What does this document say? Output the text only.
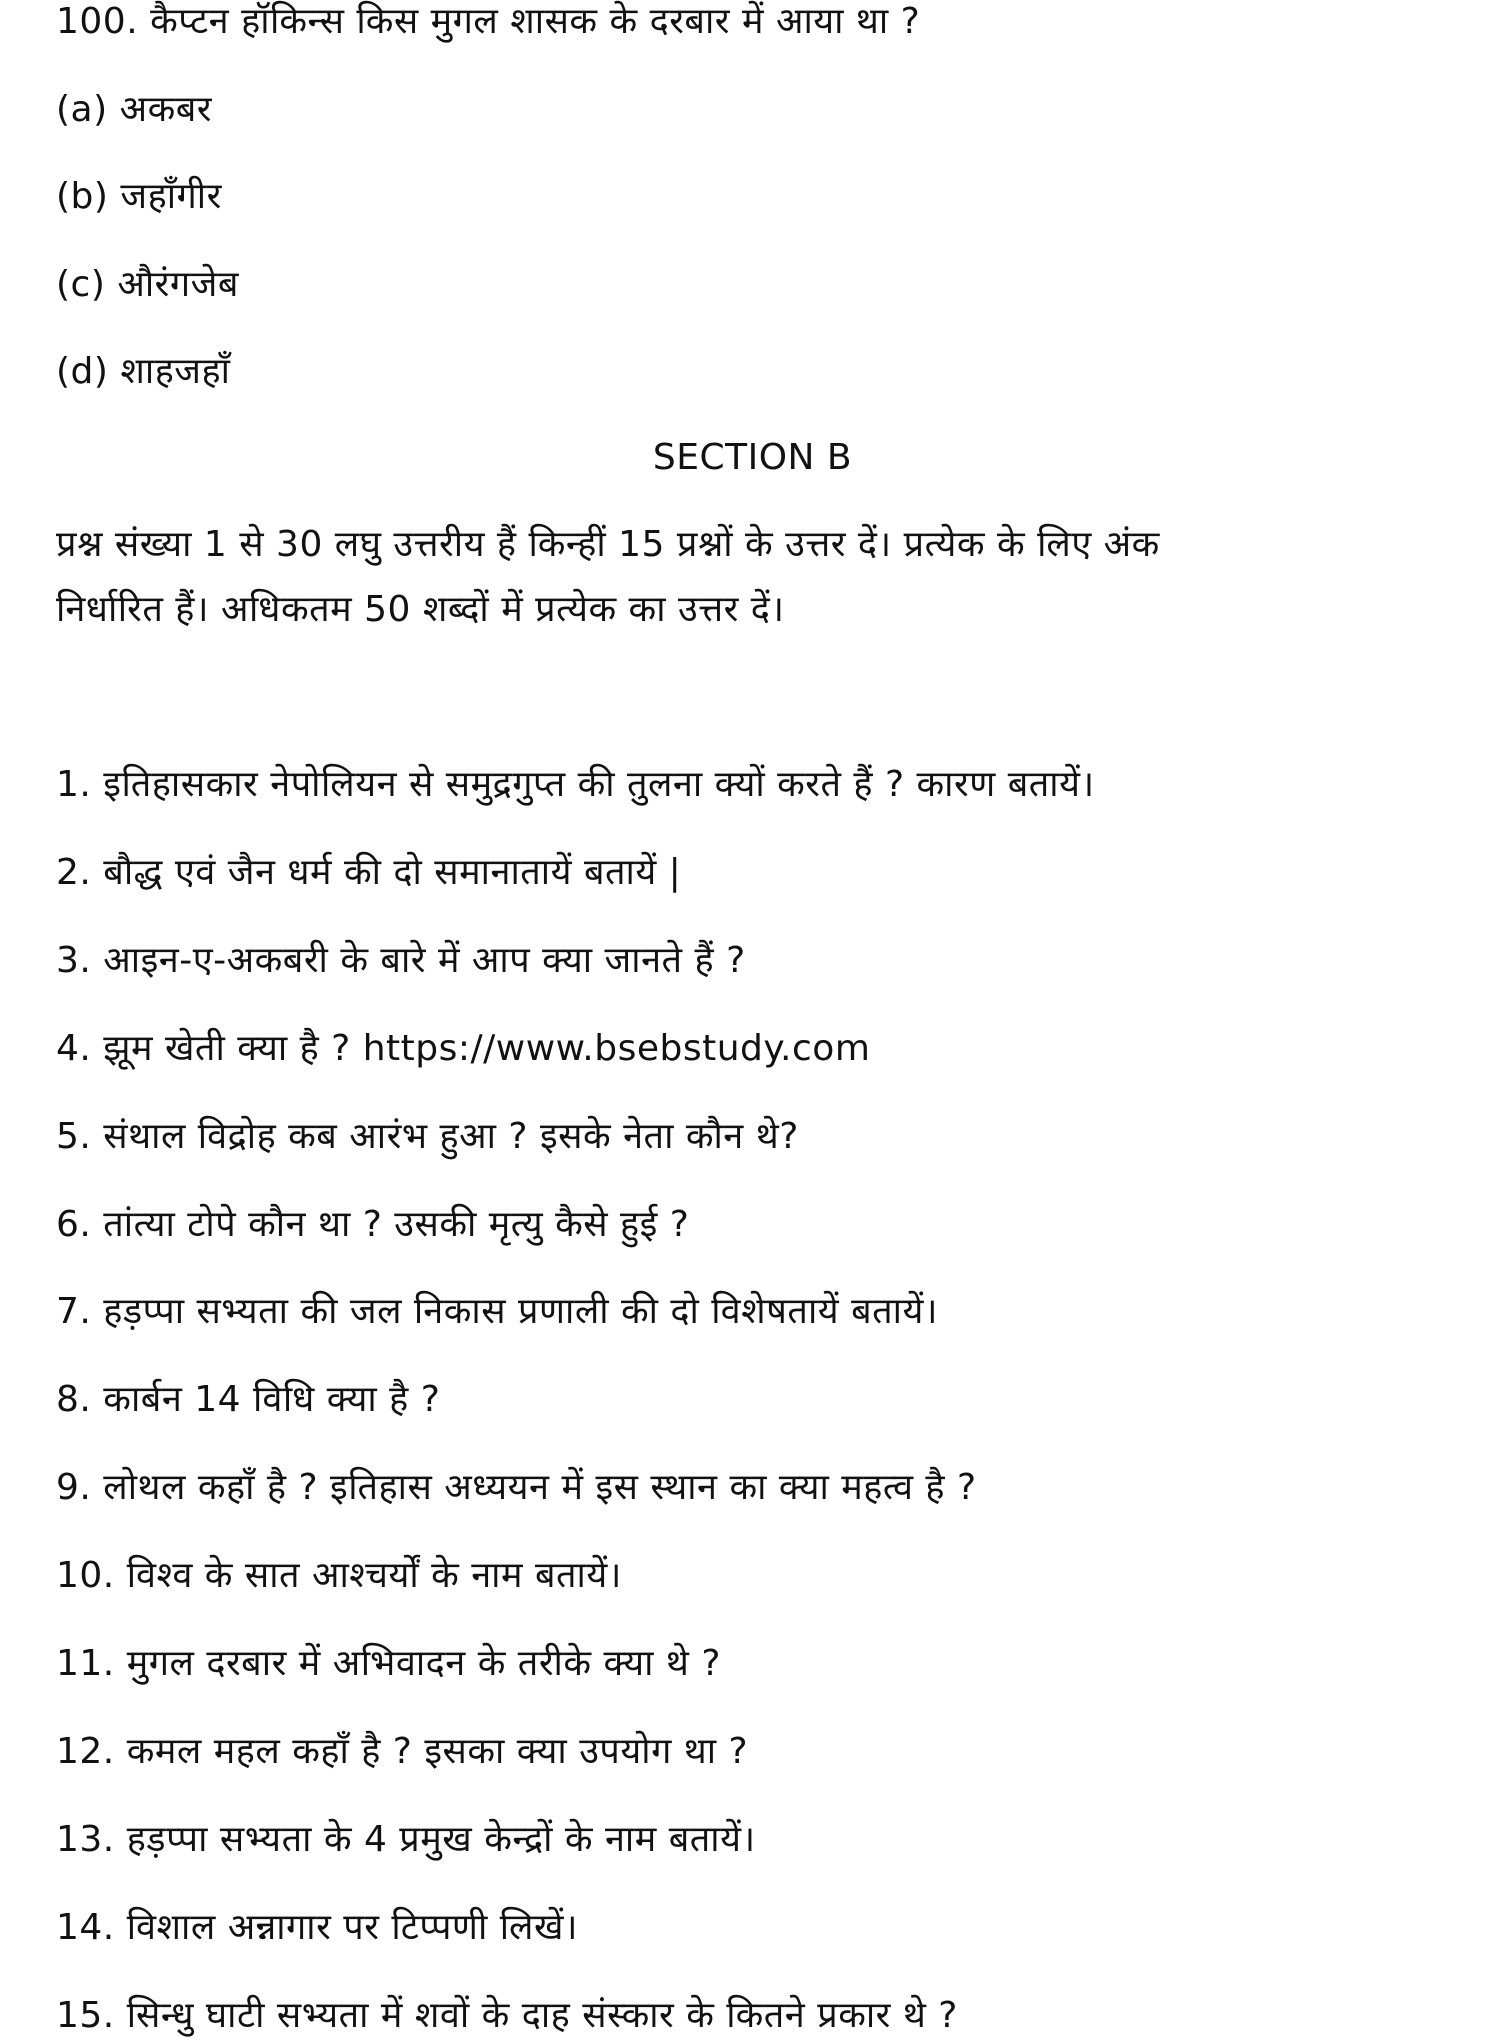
100. कैप्टन हॉकिन्स किस मुगल शासक के दरबार में आया था ?
(a) अकबर
(b) जहाँगीर
(c) औरंगजेब
(d) शाहजहाँ
SECTION B
प्रश्न संख्या 1 से 30 लघु उत्तरीय हैं किन्हीं 15 प्रश्नों के उत्तर दें। प्रत्येक के लिए अंक
निर्धारित हैं। अधिकतम 50 शब्दों में प्रत्येक का उत्तर दें।
1. इतिहासकार नेपोलियन से समुद्रगुप्त की तुलना क्यों करते हैं ? कारण बतायें।
2. बौद्ध एवं जैन धर्म की दो समानातायें बतायें |
3. आइन-ए-अकबरी के बारे में आप क्या जानते हैं ?
4. झूम खेती क्या है ? https://www.bsebstudy.com
5. संथाल विद्रोह कब आरंभ हुआ ? इसके नेता कौन थे?
6. तांत्या टोपे कौन था ? उसकी मृत्यु कैसे हुई ?
7. हड़प्पा सभ्यता की जल निकास प्रणाली की दो विशेषतायें बतायें।
8. कार्बन 14 विधि क्या है ?
9. लोथल कहाँ है ? इतिहास अध्ययन में इस स्थान का क्या महत्व है ?
10. विश्व के सात आश्चर्यों के नाम बतायें।
11. मुगल दरबार में अभिवादन के तरीके क्या थे ?
12. कमल महल कहाँ है ? इसका क्या उपयोग था ?
13. हड़प्पा सभ्यता के 4 प्रमुख केन्द्रों के नाम बतायें।
14. विशाल अन्नागार पर टिप्पणी लिखें।
15. सिन्धु घाटी सभ्यता में शवों के दाह संस्कार के कितने प्रकार थे ?
